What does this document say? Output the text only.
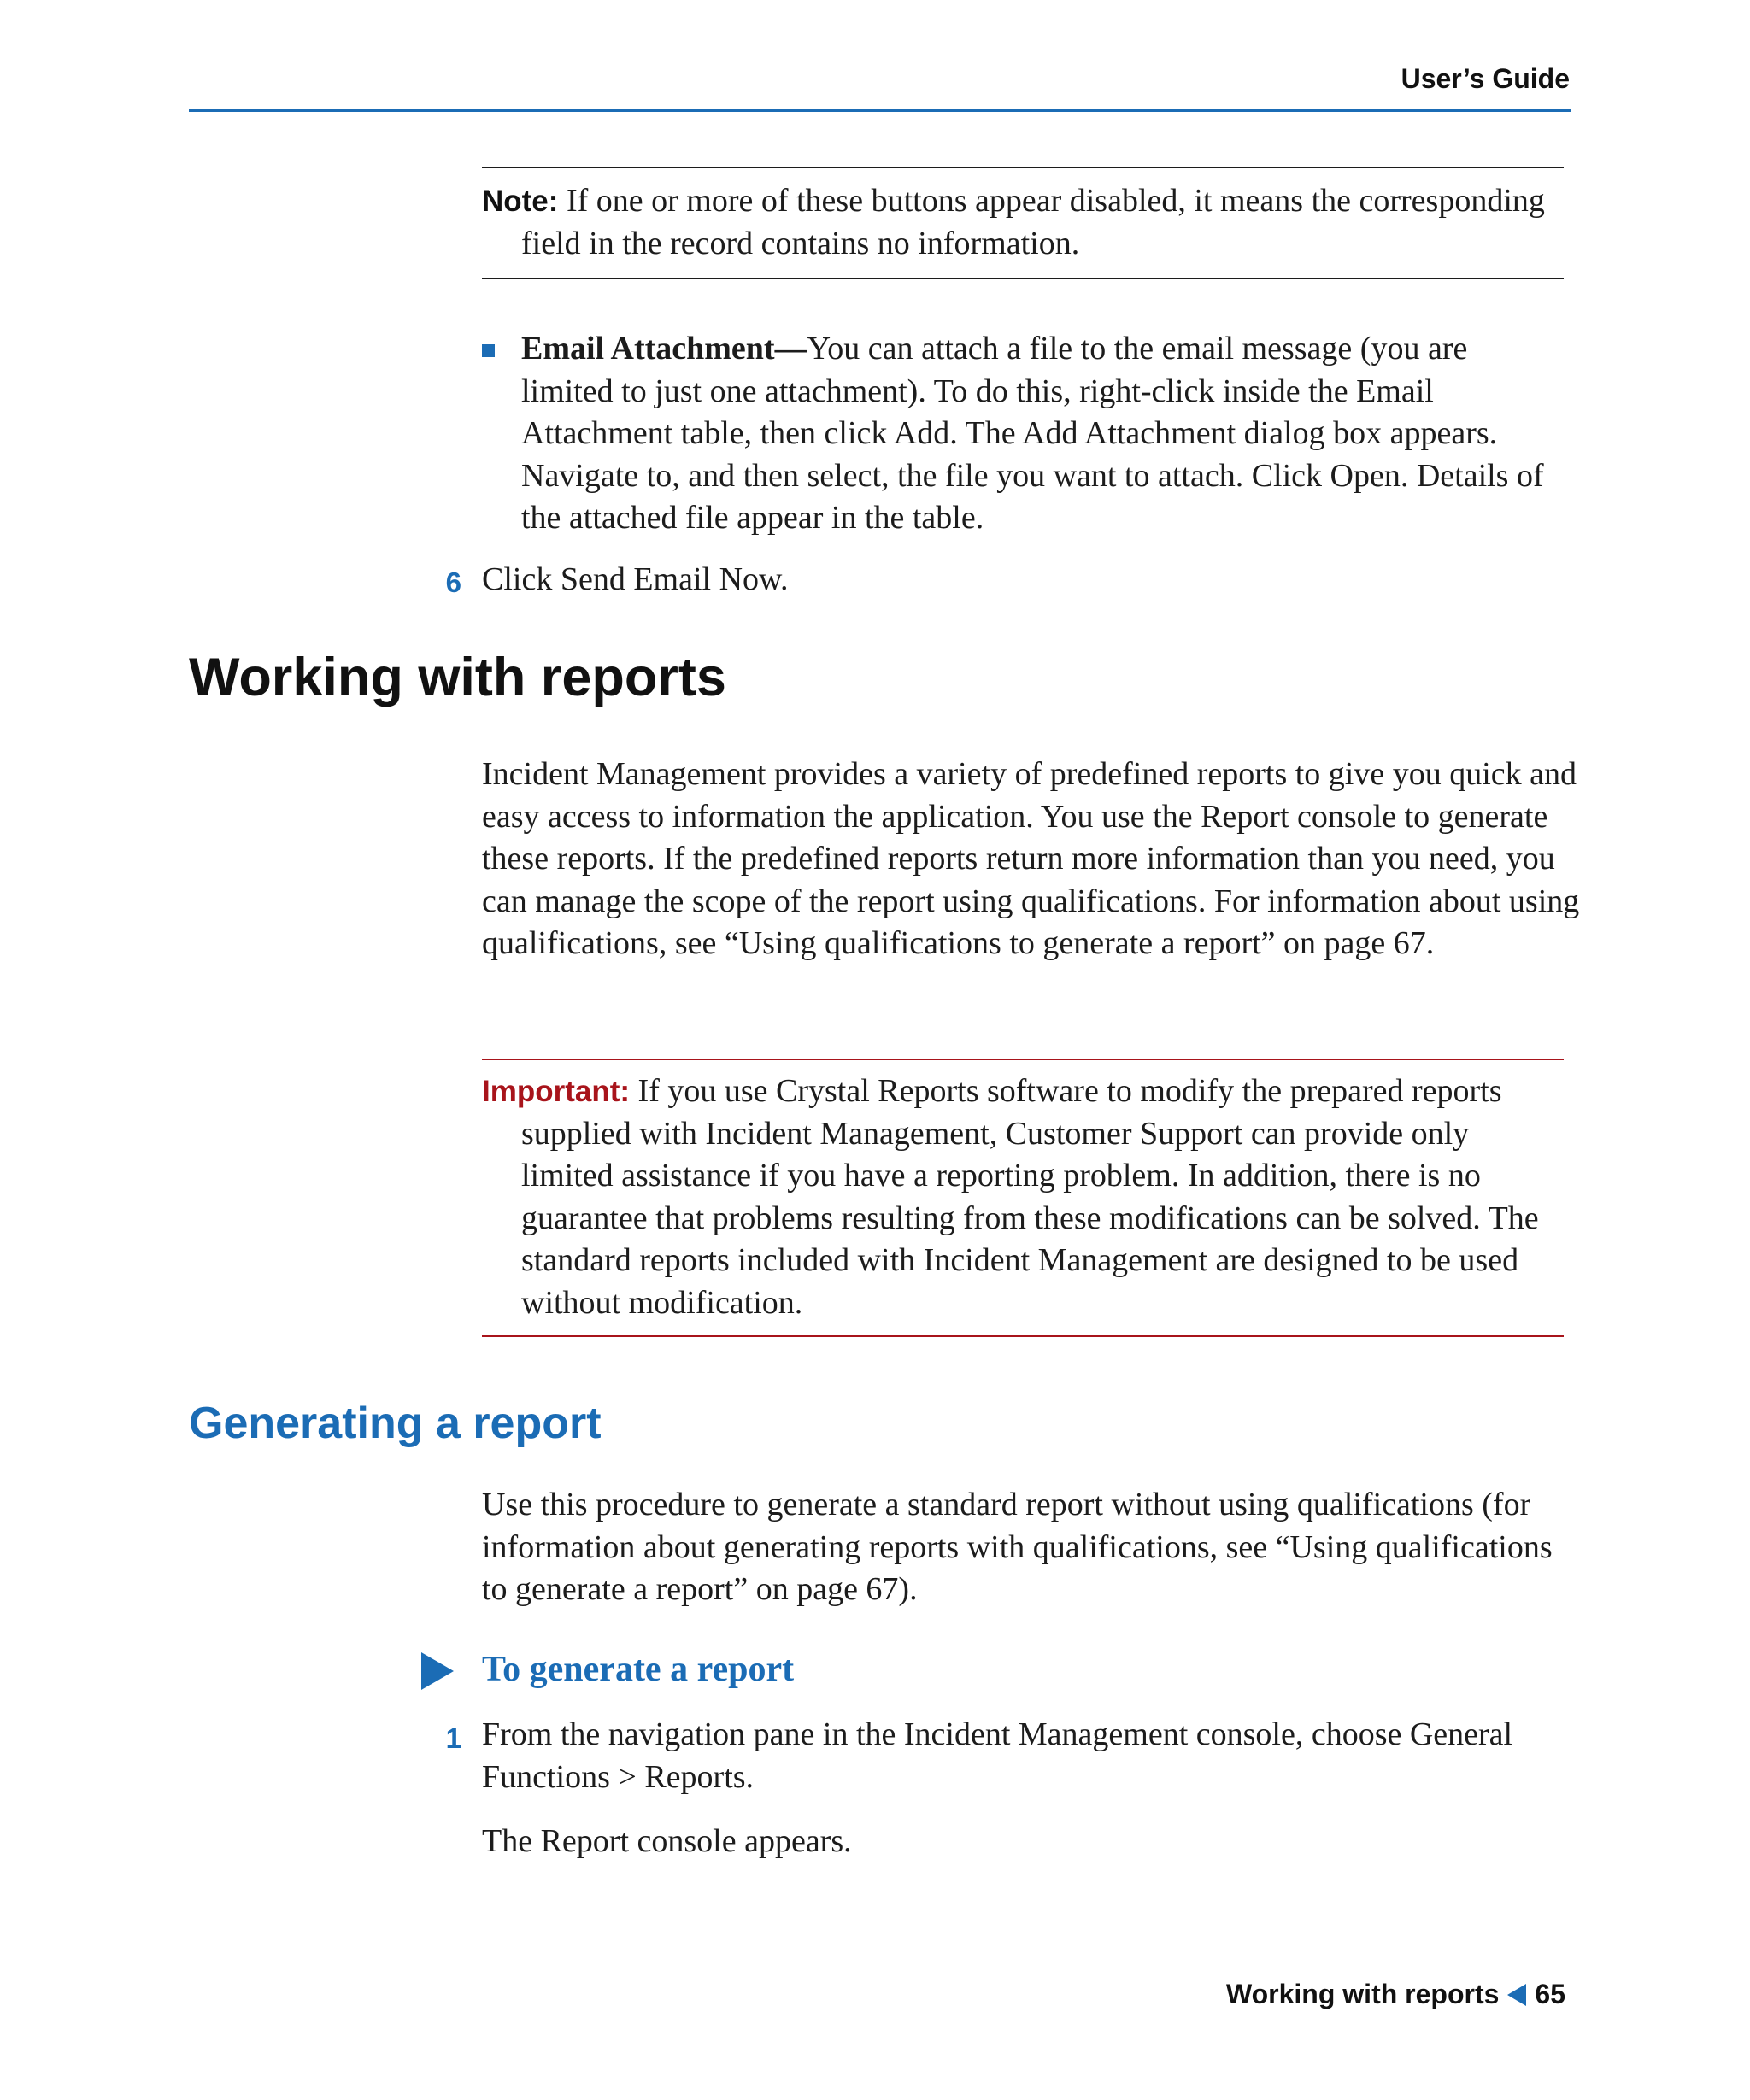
User’s Guide

Note: If one or more of these buttons appear disabled, it means the corresponding field in the record contains no information.

Email Attachment—You can attach a file to the email message (you are limited to just one attachment). To do this, right-click inside the Email Attachment table, then click Add. The Add Attachment dialog box appears. Navigate to, and then select, the file you want to attach. Click Open. Details of the attached file appear in the table.

6 Click Send Email Now.

Working with reports

Incident Management provides a variety of predefined reports to give you quick and easy access to information the application. You use the Report console to generate these reports. If the predefined reports return more information than you need, you can manage the scope of the report using qualifications. For information about using qualifications, see “Using qualifications to generate a report” on page 67.

Important: If you use Crystal Reports software to modify the prepared reports supplied with Incident Management, Customer Support can provide only limited assistance if you have a reporting problem. In addition, there is no guarantee that problems resulting from these modifications can be solved. The standard reports included with Incident Management are designed to be used without modification.

Generating a report

Use this procedure to generate a standard report without using qualifications (for information about generating reports with qualifications, see “Using qualifications to generate a report” on page 67).

To generate a report
1 From the navigation pane in the Incident Management console, choose General Functions > Reports.

The Report console appears.

Working with reports 65
